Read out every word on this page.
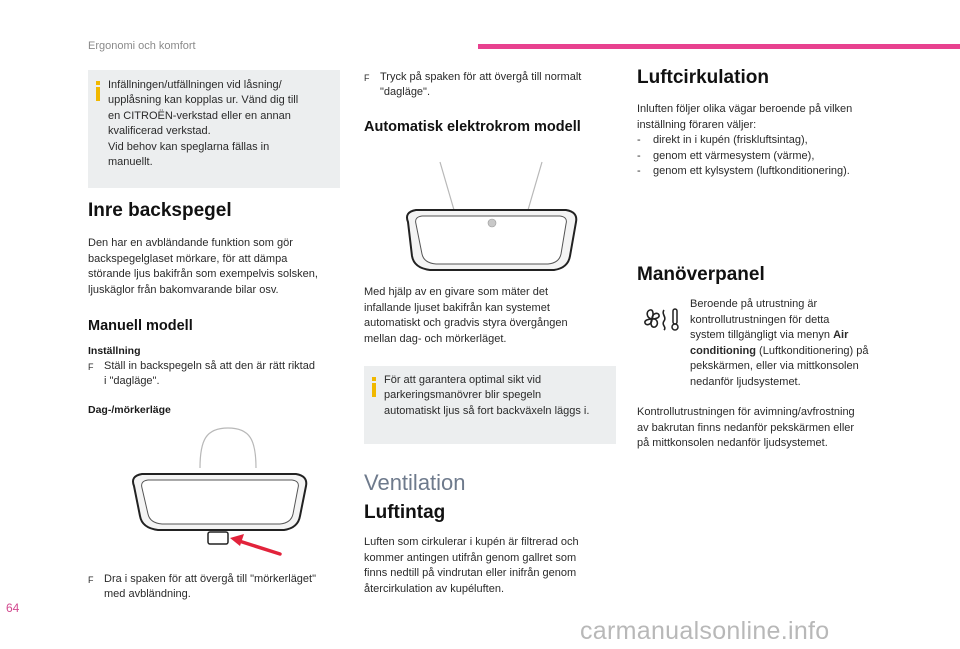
Ergonomi och komfort
Infällningen/utfällningen vid låsning/
upplåsning kan kopplas ur. Vänd dig till
en CITROËN-verkstad eller en annan
kvalificerad verkstad.
Vid behov kan speglarna fällas in
manuellt.
Inre backspegel
Den har en avbländande funktion som gör
backspegelglaset mörkare, för att dämpa
störande ljus bakifrån som exempelvis solsken,
ljuskäglor från bakomvarande bilar osv.
Manuell modell
Inställning
F Ställ in backspegeln så att den är rätt riktad
i "dagläge".
Dag-/mörkerläge
F Dra i spaken för att övergå till "mörkerläget"
med avbländning.
F Tryck på spaken för att övergå till normalt
"dagläge".
Automatisk elektrokrom modell
Med hjälp av en givare som mäter det
infallande ljuset bakifrån kan systemet
automatiskt och gradvis styra övergången
mellan dag- och mörkerläget.
För att garantera optimal sikt vid
parkeringsmanövrer blir spegeln
automatiskt ljus så fort backväxeln läggs i.
Ventilation
Luftintag
Luften som cirkulerar i kupén är filtrerad och
kommer antingen utifrån genom gallret som
finns nedtill på vindrutan eller inifrån genom
återcirkulation av kupéluften.
Luftcirkulation
Inluften följer olika vägar beroende på vilken
inställning föraren väljer:
-	direkt in i kupén (friskluftsintag),
-	genom ett värmesystem (värme),
-	genom ett kylsystem (luftkonditionering).
Manöverpanel
Beroende på utrustning är
kontrollutrustningen för detta
system tillgängligt via menyn Air
conditioning (Luftkonditionering) på
pekskärmen, eller via mittkonsolen
nedanför ljudsystemet.
Kontrollutrustningen för avimning/avfrostning
av bakrutan finns nedanför pekskärmen eller
på mittkonsolen nedanför ljudsystemet.
64
carmanualsonline.info
